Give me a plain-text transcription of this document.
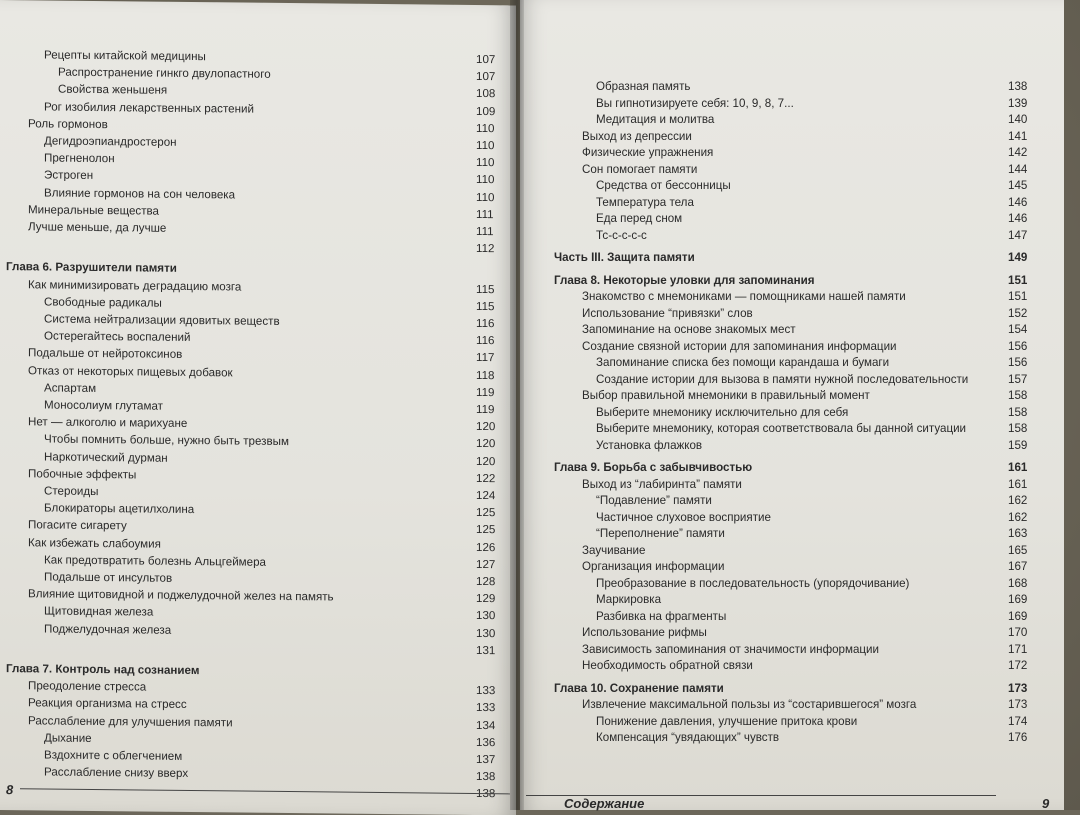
Рецепты китайской медицины	107
Распространение гинкго двулопастного	107
Свойства женьшеня	108
Рог изобилия лекарственных растений	109
Роль гормонов	110
Дегидроэпиандростерон	110
Прегненолон	110
Эстроген	110
Влияние гормонов на сон человека	110
Минеральные вещества	111
Лучше меньше, да лучше	111
112
Глава 6. Разрушители памяти
Как минимизировать деградацию мозга	115
Свободные радикалы	115
Система нейтрализации ядовитых веществ	116
Остерегайтесь воспалений	116
Подальше от нейротоксинов	117
Отказ от некоторых пищевых добавок	118
Аспартам	119
Моносолиум глутамат	119
Нет — алкоголю и марихуане	120
Чтобы помнить больше, нужно быть трезвым	120
Наркотический дурман	120
Побочные эффекты	122
Стероиды	124
Блокираторы ацетилхолина	125
Погасите сигарету	125
Как избежать слабоумия	126
Как предотвратить болезнь Альцгеймера	127
Подальше от инсультов	128
Влияние щитовидной и поджелудочной желез на память	129
Щитовидная железа	130
Поджелудочная железа	130
131
Глава 7. Контроль над сознанием
Преодоление стресса	133
Реакция организма на стресс	133
Расслабление для улучшения памяти	134
Дыхание	136
Вздохните с облегчением	137
Расслабление снизу вверх	138
8
Образная память	138
Вы гипнотизируете себя: 10, 9, 8, 7...	139
Медитация и молитва	140
Выход из депрессии	141
Физические упражнения	142
Сон помогает памяти	144
Средства от бессонницы	145
Температура тела	146
Еда перед сном	146
Тс-с-с-с-с	147
Часть III. Защита памяти	149
Глава 8. Некоторые уловки для запоминания	151
Знакомство с мнемониками — помощниками нашей памяти	151
Использование “привязки” слов	152
Запоминание на основе знакомых мест	154
Создание связной истории для запоминания информации	156
Запоминание списка без помощи карандаша и бумаги	156
Создание истории для вызова в памяти нужной последовательности	157
Выбор правильной мнемоники в правильный момент	158
Выберите мнемонику исключительно для себя	158
Выберите мнемонику, которая соответствовала бы данной ситуации	158
Установка флажков	159
Глава 9. Борьба с забывчивостью	161
Выход из “лабиринта” памяти	161
“Подавление” памяти	162
Частичное слуховое восприятие	162
“Переполнение” памяти	163
Заучивание	165
Организация информации	167
Преобразование в последовательность (упорядочивание)	168
Маркировка	169
Разбивка на фрагменты	169
Использование рифмы	170
Зависимость запоминания от значимости информации	171
Необходимость обратной связи	172
Глава 10. Сохранение памяти	173
Извлечение максимальной пользы из “состарившегося” мозга	173
Понижение давления, улучшение притока крови	174
Компенсация “увядающих” чувств	176
Содержание	9
